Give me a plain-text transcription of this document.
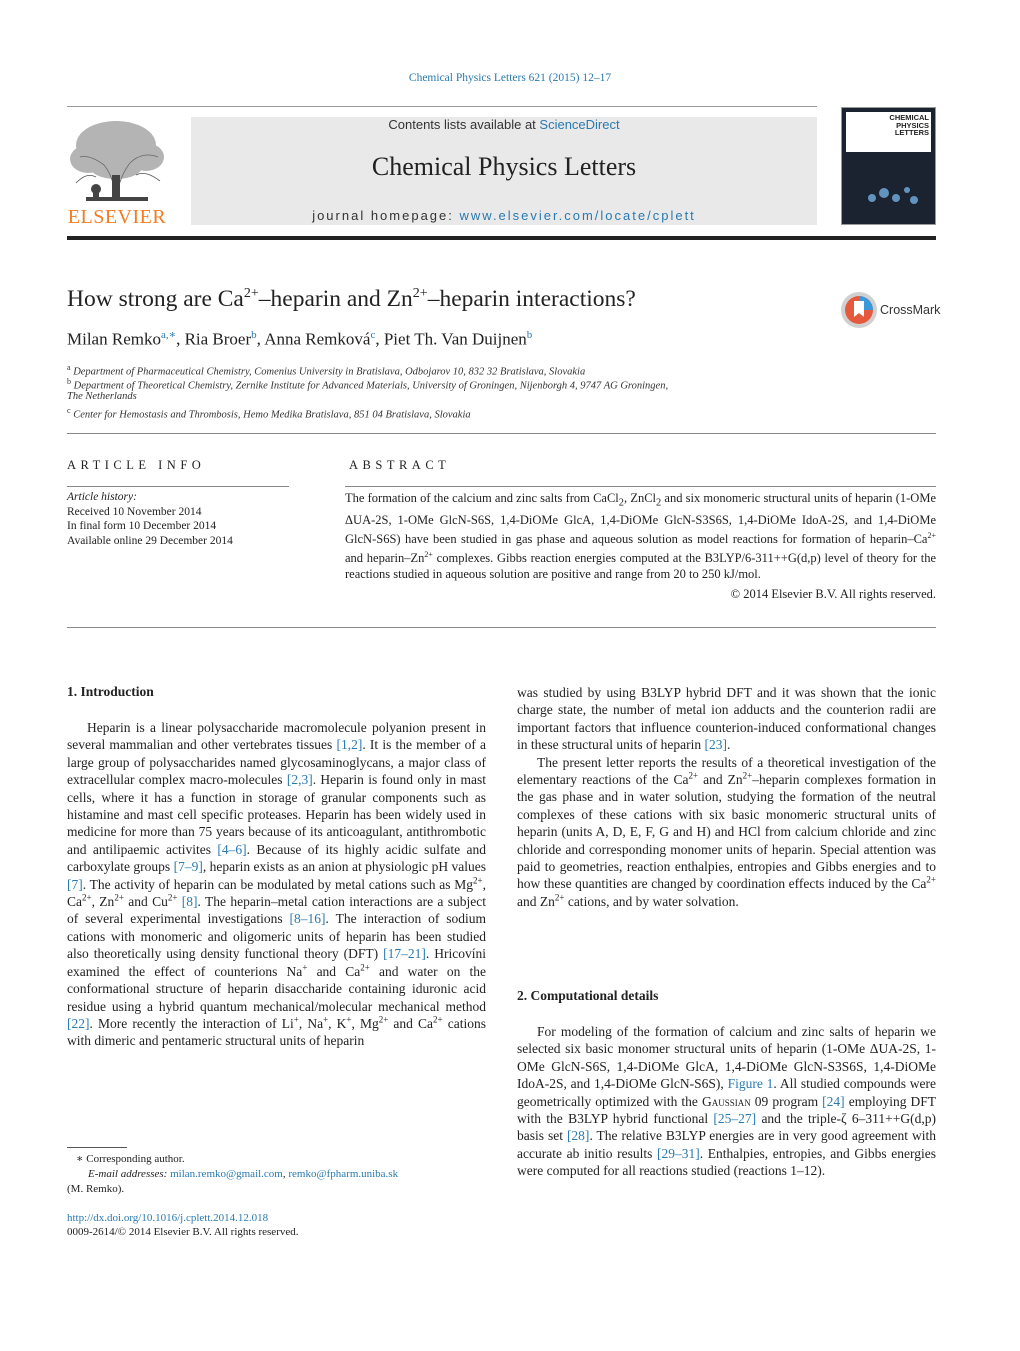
Chemical Physics Letters 621 (2015) 12–17
ELSEVIER
Contents lists available at ScienceDirect
Chemical Physics Letters
journal homepage: www.elsevier.com/locate/cplett
CHEMICAL
PHYSICS
LETTERS
How strong are $Ca^{2+}$–heparin and $Zn^{2+}$–heparin interactions?	CrossMark
Milan Remko$^{a,∗}$, Ria Broer$^b$, Anna Remková$^c$, Piet Th. Van Duijnen$^b$
$^a$ Department of Pharmaceutical Chemistry, Comenius University in Bratislava, Odbojarov 10, 832 32 Bratislava, Slovakia
$^b$ Department of Theoretical Chemistry, Zernike Institute for Advanced Materials, University of Groningen, Nijenborgh 4, 9747 AG Groningen,
The Netherlands
$^c$ Center for Hemostasis and Thrombosis, Hemo Medika Bratislava, 851 04 Bratislava, Slovakia
ARTICLE INFO
Article history:
Received 10 November 2014
In final form 10 December 2014
Available online 29 December 2014
ABSTRACT
The formation of the calcium and zinc salts from CaCl$_2$, ZnCl$_2$ and six monomeric structural units of heparin (1-OMe ΔUA-2S, 1-OMe GlcN-S6S, 1,4-DiOMe GlcA, 1,4-DiOMe GlcN-S3S6S, 1,4-DiOMe IdoA-2S, and 1,4-DiOMe GlcN-S6S) have been studied in gas phase and aqueous solution as model reactions for formation of heparin–$Ca^{2+}$ and heparin–$Zn^{2+}$ complexes. Gibbs reaction energies computed at the B3LYP/6-311++G(d,p) level of theory for the reactions studied in aqueous solution are positive and range from 20 to 250 kJ/mol.
© 2014 Elsevier B.V. All rights reserved.
1. Introduction

Heparin is a linear polysaccharide macromolecule polyanion present in several mammalian and other vertebrates tissues [1,2]. It is the member of a large group of polysaccharides named glycosaminoglycans, a major class of extracellular complex macro-molecules [2,3]. Heparin is found only in mast cells, where it has a function in storage of granular components such as histamine and mast cell specific proteases. Heparin has been widely used in medicine for more than 75 years because of its anticoagulant, antithrombotic and antilipaemic activites [4–6]. Because of its highly acidic sulfate and carboxylate groups [7–9], heparin exists as an anion at physiologic pH values [7]. The activity of heparin can be modulated by metal cations such as $Mg^{2+}$, $Ca^{2+}$, $Zn^{2+}$ and $Cu^{2+}$ [8]. The heparin–metal cation interactions are a subject of several experimental investigations [8–16]. The interaction of sodium cations with monomeric and oligomeric units of heparin has been studied also theoretically using density functional theory (DFT) [17–21]. Hricovíni examined the effect of counterions Na+ and $Ca^{2+}$ and water on the conformational structure of heparin disaccharide containing iduronic acid residue using a hybrid quantum mechanical/molecular mechanical method [22]. More recently the interaction of Li+, Na+, K+, $Mg^{2+}$ and $Ca^{2+}$ cations with dimeric and pentameric structural units of heparin

was studied by using B3LYP hybrid DFT and it was shown that the ionic charge state, the number of metal ion adducts and the counterion radii are important factors that influence counterion-induced conformational changes in these structural units of heparin [23].

The present letter reports the results of a theoretical investigation of the elementary reactions of the $Ca^{2+}$ and $Zn^{2+}$–heparin complexes formation in the gas phase and in water solution, studying the formation of the neutral complexes of these cations with six basic monomeric structural units of heparin (units A, D, E, F, G and H) and HCl from calcium chloride and zinc chloride and corresponding monomer units of heparin. Special attention was paid to geometries, reaction enthalpies, entropies and Gibbs energies and to how these quantities are changed by coordination effects induced by the $Ca^{2+}$ and $Zn^{2+}$ cations, and by water solvation.

2. Computational details

For modeling of the formation of calcium and zinc salts of heparin we selected six basic monomer structural units of heparin (1-OMe ΔUA-2S, 1-OMe GlcN-S6S, 1,4-DiOMe GlcA, 1,4-DiOMe GlcN-S3S6S, 1,4-DiOMe IdoA-2S, and 1,4-DiOMe GlcN-S6S), Figure 1. All studied compounds were geometrically optimized with the Gaussian 09 program [24] employing DFT with the B3LYP hybrid functional [25–27] and the triple-ζ 6–311++G(d,p) basis set [28]. The relative B3LYP energies are in very good agreement with accurate ab initio results [29–31]. Enthalpies, entropies, and Gibbs energies were computed for all reactions studied (reactions 1–12).

∗ Corresponding author.
E-mail addresses: milan.remko@gmail.com, remko@fpharm.uniba.sk
(M. Remko).
http://dx.doi.org/10.1016/j.cplett.2014.12.018
0009-2614/© 2014 Elsevier B.V. All rights reserved.
